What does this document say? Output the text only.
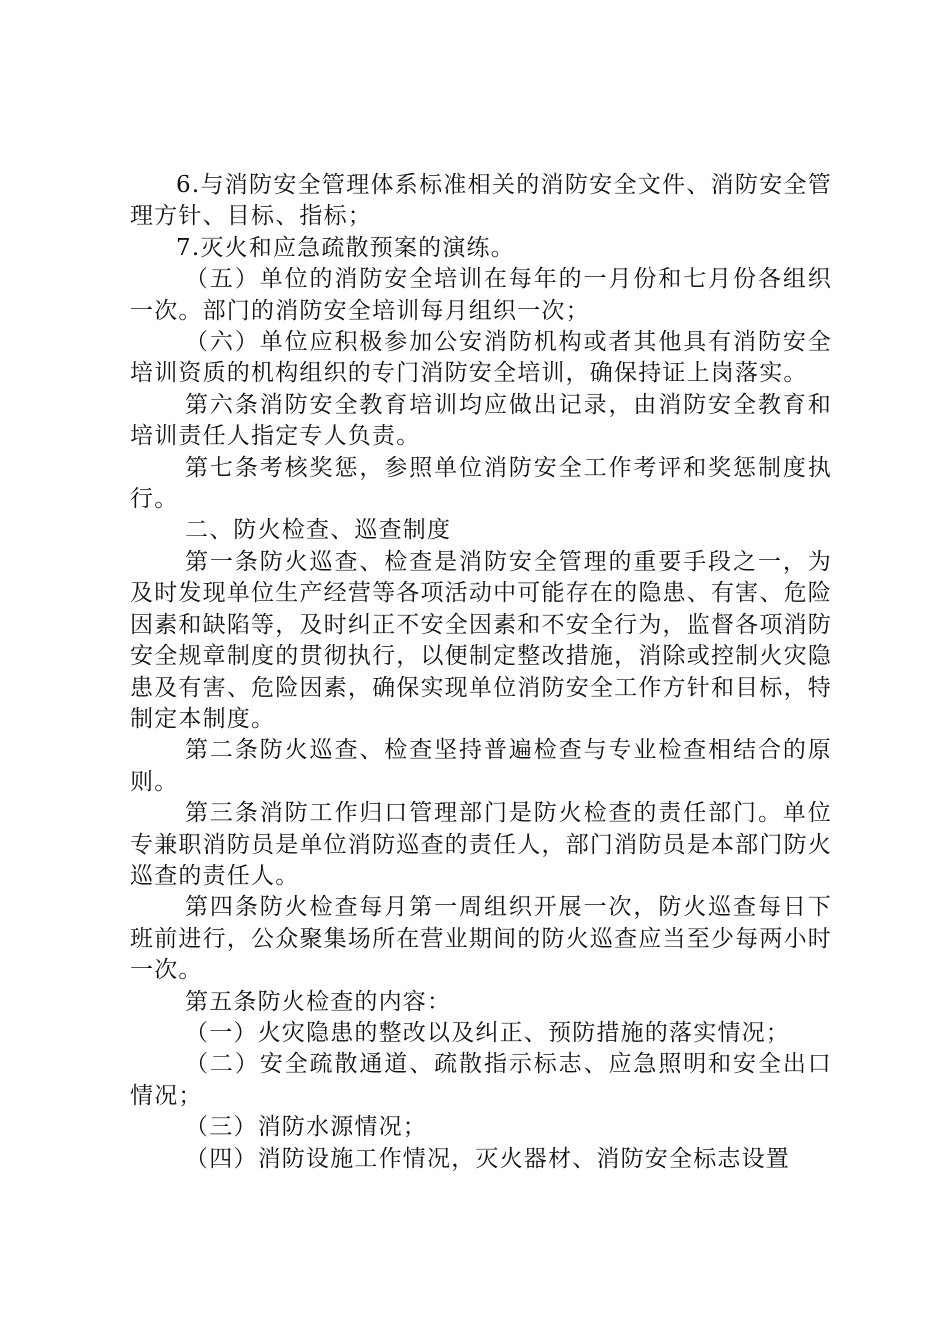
6.与消防安全管理体系标准相关的消防安全文件、消防安全管理方针、目标、指标；

7.灭火和应急疏散预案的演练。

（五）单位的消防安全培训在每年的一月份和七月份各组织一次。部门的消防安全培训每月组织一次；

（六）单位应积极参加公安消防机构或者其他具有消防安全培训资质的机构组织的专门消防安全培训，确保持证上岗落实。

第六条消防安全教育培训均应做出记录，由消防安全教育和培训责任人指定专人负责。

第七条考核奖惩，参照单位消防安全工作考评和奖惩制度执行。

二、防火检查、巡查制度

第一条防火巡查、检查是消防安全管理的重要手段之一，为及时发现单位生产经营等各项活动中可能存在的隐患、有害、危险因素和缺陷等，及时纠正不安全因素和不安全行为，监督各项消防安全规章制度的贯彻执行，以便制定整改措施，消除或控制火灾隐患及有害、危险因素，确保实现单位消防安全工作方针和目标，特制定本制度。

第二条防火巡查、检查坚持普遍检查与专业检查相结合的原则。

第三条消防工作归口管理部门是防火检查的责任部门。单位专兼职消防员是单位消防巡查的责任人，部门消防员是本部门防火巡查的责任人。

第四条防火检查每月第一周组织开展一次，防火巡查每日下班前进行，公众聚集场所在营业期间的防火巡查应当至少每两小时一次。

第五条防火检查的内容：

（一）火灾隐患的整改以及纠正、预防措施的落实情况；

（二）安全疏散通道、疏散指示标志、应急照明和安全出口情况；

（三）消防水源情况；

（四）消防设施工作情况，灭火器材、消防安全标志设置
